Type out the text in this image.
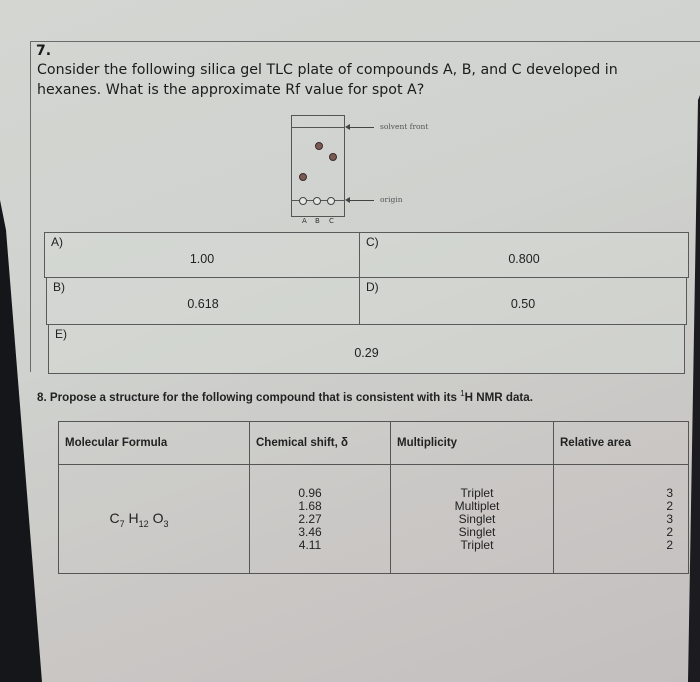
7.
Consider the following silica gel TLC plate of compounds A, B, and C developed in hexanes. What is the approximate Rf value for spot A?
A B C
solvent front
origin
A)
1.00
C)
0.800
B)
0.618
D)
0.50
E)
0.29
8. Propose a structure for the following compound that is consistent with its $^1$H NMR data.
Molecular Formula	Chemical shift, δ	Multiplicity	Relative area

$C_7$ $H_{12}$ $O_3$	0.96
1.68
2.27
3.46
4.11	Triplet
Multiplet
Singlet
Singlet
Triplet	3
2
3
2
2
